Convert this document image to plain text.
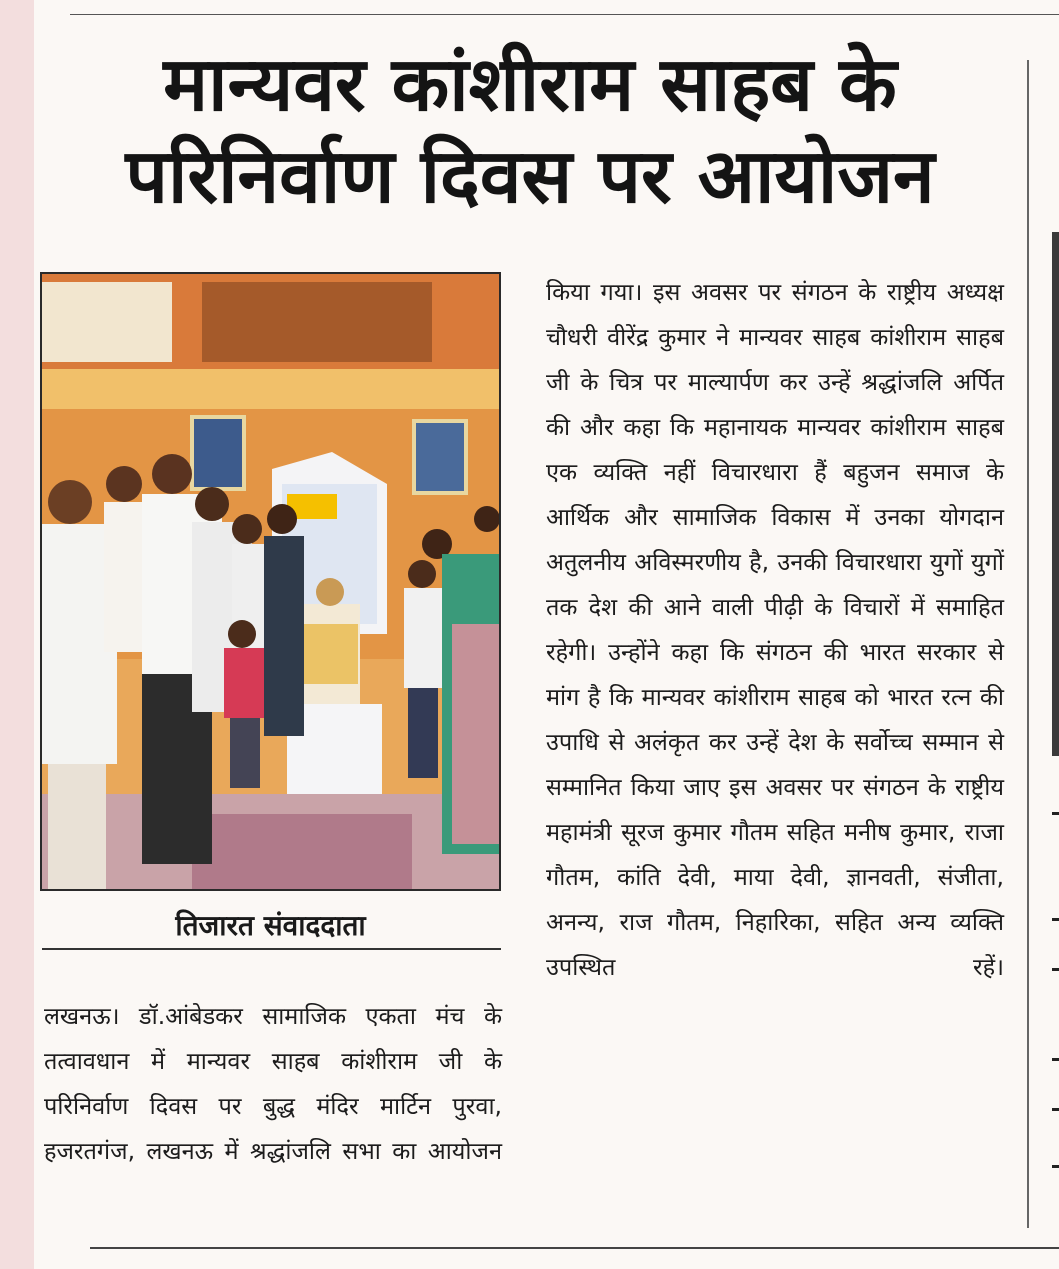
मान्यवर कांशीराम साहब के
परिनिर्वाण दिवस पर आयोजन
तिजारत संवाददाता

लखनऊ। डॉ.आंबेडकर सामाजिक एकता मंच के तत्वावधान में मान्यवर साहब कांशीराम जी के परिनिर्वाण दिवस पर बुद्ध मंदिर मार्टिन पुरवा, हजरतगंज, लखनऊ में श्रद्धांजलि सभा का आयोजन

किया गया। इस अवसर पर संगठन के राष्ट्रीय अध्यक्ष चौधरी वीरेंद्र कुमार ने मान्यवर साहब कांशीराम साहब जी के चित्र पर माल्यार्पण कर उन्हें श्रद्धांजलि अर्पित की और कहा कि महानायक मान्यवर कांशीराम साहब एक व्यक्ति नहीं विचारधारा हैं बहुजन समाज के आर्थिक और सामाजिक विकास में उनका योगदान अतुलनीय अविस्मरणीय है, उनकी विचारधारा युगों युगों तक देश की आने वाली पीढ़ी के विचारों में समाहित रहेगी। उन्होंने कहा कि संगठन की भारत सरकार से मांग है कि मान्यवर कांशीराम साहब को भारत रत्न की उपाधि से अलंकृत कर उन्हें देश के सर्वोच्च सम्मान से सम्मानित किया जाए इस अवसर पर संगठन के राष्ट्रीय महामंत्री सूरज कुमार गौतम सहित मनीष कुमार, राजा गौतम, कांति देवी, माया देवी, ज्ञानवती, संजीता, अनन्य, राज गौतम, निहारिका, सहित अन्य व्यक्ति उपस्थित रहें।
